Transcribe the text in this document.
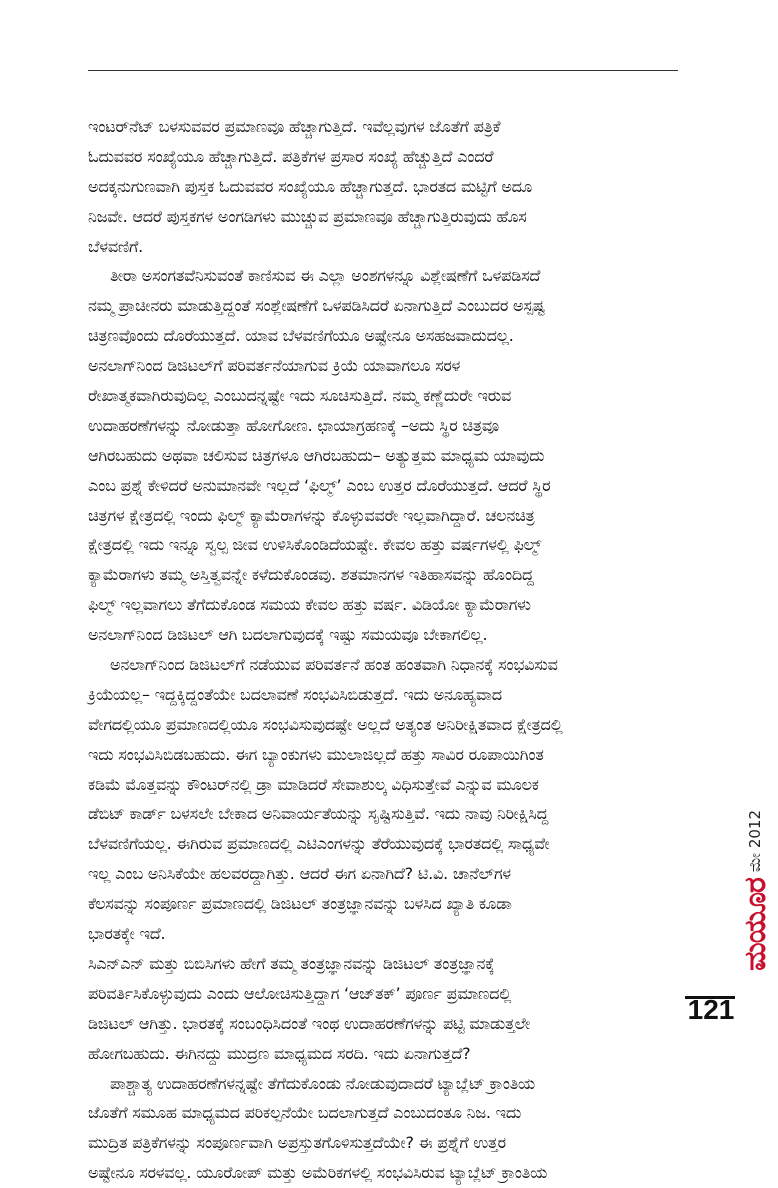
ಇಂಟರ್‌ನೆಟ್ ಬಳಸುವವರ ಪ್ರಮಾಣವೂ ಹೆಚ್ಚಾಗುತ್ತಿದೆ. ಇವೆಲ್ಲವುಗಳ ಜೊತೆಗೆ ಪತ್ರಿಕೆ
ಓದುವವರ ಸಂಖ್ಯೆಯೂ ಹೆಚ್ಚಾಗುತ್ತಿದೆ. ಪತ್ರಿಕೆಗಳ ಪ್ರಸಾರ ಸಂಖ್ಯೆ ಹೆಚ್ಚುತ್ತಿದೆ ಎಂದರೆ
ಅದಕ್ಕನುಗುಣವಾಗಿ ಪುಸ್ತಕ ಓದುವವರ ಸಂಖ್ಯೆಯೂ ಹೆಚ್ಚಾಗುತ್ತದೆ. ಭಾರತದ ಮಟ್ಟಿಗೆ ಅದೂ
ನಿಜವೇ. ಆದರೆ ಪುಸ್ತಕಗಳ ಅಂಗಡಿಗಳು ಮುಚ್ಚುವ ಪ್ರಮಾಣವೂ ಹೆಚ್ಚಾಗುತ್ತಿರುವುದು ಹೊಸ
ಬೆಳವಣಿಗೆ.
ತೀರಾ ಅಸಂಗತವೆನಿಸುವಂತೆ ಕಾಣಿಸುವ ಈ ಎಲ್ಲಾ ಅಂಶಗಳನ್ನೂ ವಿಶ್ಲೇಷಣೆಗೆ ಒಳಪಡಿಸದೆ
ನಮ್ಮ ಪ್ರಾಚೀನರು ಮಾಡುತ್ತಿದ್ದಂತೆ ಸಂಶ್ಲೇಷಣೆಗೆ ಒಳಪಡಿಸಿದರೆ ಏನಾಗುತ್ತಿದೆ ಎಂಬುದರ ಅಸ್ಪಷ್ಟ
ಚಿತ್ರಣವೊಂದು ದೊರೆಯುತ್ತದೆ. ಯಾವ ಬೆಳವಣಿಗೆಯೂ ಅಷ್ಟೇನೂ ಅಸಹಜವಾದುದಲ್ಲ.
ಅನಲಾಗ್‌ನಿಂದ ಡಿಜಿಟಲ್‌ಗೆ ಪರಿವರ್ತನೆಯಾಗುವ ಕ್ರಿಯೆ ಯಾವಾಗಲೂ ಸರಳ
ರೇಖಾತ್ಮಕವಾಗಿರುವುದಿಲ್ಲ ಎಂಬುದನ್ನಷ್ಟೇ ಇದು ಸೂಚಿಸುತ್ತಿದೆ. ನಮ್ಮ ಕಣ್ಣೆದುರೇ ಇರುವ
ಉದಾಹರಣೆಗಳನ್ನು ನೋಡುತ್ತಾ ಹೋಗೋಣ. ಛಾಯಾಗ್ರಹಣಕ್ಕೆ –ಅದು ಸ್ಥಿರ ಚಿತ್ರವೂ
ಆಗಿರಬಹುದು ಅಥವಾ ಚಲಿಸುವ ಚಿತ್ರಗಳೂ ಆಗಿರಬಹುದು– ಅತ್ಯುತ್ತಮ ಮಾಧ್ಯಮ ಯಾವುದು
ಎಂಬ ಪ್ರಶ್ನೆ ಕೇಳಿದರೆ ಅನುಮಾನವೇ ಇಲ್ಲದೆ ‘ಫಿಲ್ಮ್’ ಎಂಬ ಉತ್ತರ ದೊರೆಯುತ್ತದೆ. ಆದರೆ ಸ್ಥಿರ
ಚಿತ್ರಗಳ ಕ್ಷೇತ್ರದಲ್ಲಿ ಇಂದು ಫಿಲ್ಮ್ ಕ್ಯಾಮೆರಾಗಳನ್ನು ಕೊಳ್ಳುವವರೇ ಇಲ್ಲವಾಗಿದ್ದಾರೆ. ಚಲನಚಿತ್ರ
ಕ್ಷೇತ್ರದಲ್ಲಿ ಇದು ಇನ್ನೂ ಸ್ವಲ್ಪ ಜೀವ ಉಳಿಸಿಕೊಂಡಿದೆಯಷ್ಟೇ. ಕೇವಲ ಹತ್ತು ವರ್ಷಗಳಲ್ಲಿ ಫಿಲ್ಮ್
ಕ್ಯಾಮೆರಾಗಳು ತಮ್ಮ ಅಸ್ತಿತ್ವವನ್ನೇ ಕಳೆದುಕೊಂಡವು. ಶತಮಾನಗಳ ಇತಿಹಾಸವನ್ನು ಹೊಂದಿದ್ದ
ಫಿಲ್ಮ್ ಇಲ್ಲವಾಗಲು ತೆಗೆದುಕೊಂಡ ಸಮಯ ಕೇವಲ ಹತ್ತು ವರ್ಷ. ವಿಡಿಯೋ ಕ್ಯಾಮೆರಾಗಳು
ಅನಲಾಗ್‌ನಿಂದ ಡಿಜಿಟಲ್ ಆಗಿ ಬದಲಾಗುವುದಕ್ಕೆ ಇಷ್ಟು ಸಮಯವೂ ಬೇಕಾಗಲಿಲ್ಲ.
ಅನಲಾಗ್‌ನಿಂದ ಡಿಜಿಟಲ್‌ಗೆ ನಡೆಯುವ ಪರಿವರ್ತನೆ ಹಂತ ಹಂತವಾಗಿ ನಿಧಾನಕ್ಕೆ ಸಂಭವಿಸುವ
ಕ್ರಿಯೆಯಲ್ಲ– ಇದ್ದಕ್ಕಿದ್ದಂತೆಯೇ ಬದಲಾವಣೆ ಸಂಭವಿಸಿಬಿಡುತ್ತದೆ. ಇದು ಅನೂಹ್ಯವಾದ
ವೇಗದಲ್ಲಿಯೂ ಪ್ರಮಾಣದಲ್ಲಿಯೂ ಸಂಭವಿಸುವುದಷ್ಟೇ ಅಲ್ಲದೆ ಅತ್ಯಂತ ಅನಿರೀಕ್ಷಿತವಾದ ಕ್ಷೇತ್ರದಲ್ಲಿ
ಇದು ಸಂಭವಿಸಿಬಿಡಬಹುದು. ಈಗ ಬ್ಯಾಂಕುಗಳು ಮುಲಾಜಿಲ್ಲದೆ ಹತ್ತು ಸಾವಿರ ರೂಪಾಯಿಗಿಂತ
ಕಡಿಮೆ ಮೊತ್ತವನ್ನು ಕೌಂಟರ್‌ನಲ್ಲಿ ಡ್ರಾ ಮಾಡಿದರೆ ಸೇವಾಶುಲ್ಕ ವಿಧಿಸುತ್ತೇವೆ ಎನ್ನುವ ಮೂಲಕ
ಡೆಬಿಟ್ ಕಾರ್ಡ್ ಬಳಸಲೇ ಬೇಕಾದ ಅನಿವಾರ್ಯತೆಯನ್ನು ಸೃಷ್ಟಿಸುತ್ತಿವೆ. ಇದು ನಾವು ನಿರೀಕ್ಷಿಸಿದ್ದ
ಬೆಳವಣಿಗೆಯಲ್ಲ. ಈಗಿರುವ ಪ್ರಮಾಣದಲ್ಲಿ ಎಟಿಎಂಗಳನ್ನು ತೆರೆಯುವುದಕ್ಕೆ ಭಾರತದಲ್ಲಿ ಸಾಧ್ಯವೇ
ಇಲ್ಲ ಎಂಬ ಅನಿಸಿಕೆಯೇ ಹಲವರದ್ದಾಗಿತ್ತು. ಆದರೆ ಈಗ ಏನಾಗಿದೆ? ಟಿ.ವಿ. ಚಾನೆಲ್‌ಗಳ
ಕೆಲಸವನ್ನು ಸಂಪೂರ್ಣ ಪ್ರಮಾಣದಲ್ಲಿ ಡಿಜಿಟಲ್ ತಂತ್ರಜ್ಞಾನವನ್ನು ಬಳಸಿದ ಖ್ಯಾತಿ ಕೂಡಾ
ಭಾರತಕ್ಕೇ ಇದೆ.
ಸಿಎನ್‌ಎನ್ ಮತ್ತು ಬಿಬಿಸಿಗಳು ಹೇಗೆ ತಮ್ಮ ತಂತ್ರಜ್ಞಾನವನ್ನು ಡಿಜಿಟಲ್ ತಂತ್ರಜ್ಞಾನಕ್ಕೆ
ಪರಿವರ್ತಿಸಿಕೊಳ್ಳುವುದು ಎಂದು ಆಲೋಚಿಸುತ್ತಿದ್ದಾಗ ‘ಆಜ್‌ತಕ್’ ಪೂರ್ಣ ಪ್ರಮಾಣದಲ್ಲಿ
ಡಿಜಿಟಲ್ ಆಗಿತ್ತು. ಭಾರತಕ್ಕೆ ಸಂಬಂಧಿಸಿದಂತೆ ಇಂಥ ಉದಾಹರಣೆಗಳನ್ನು ಪಟ್ಟಿ ಮಾಡುತ್ತಲೇ
ಹೋಗಬಹುದು. ಈಗಿನದ್ದು ಮುದ್ರಣ ಮಾಧ್ಯಮದ ಸರದಿ. ಇದು ಏನಾಗುತ್ತದೆ?
ಪಾಶ್ಚಾತ್ಯ ಉದಾಹರಣೆಗಳನ್ನಷ್ಟೇ ತೆಗೆದುಕೊಂಡು ನೋಡುವುದಾದರೆ ಟ್ಯಾಬ್ಲೆಟ್ ಕ್ರಾಂತಿಯ
ಜೊತೆಗೆ ಸಮೂಹ ಮಾಧ್ಯಮದ ಪರಿಕಲ್ಪನೆಯೇ ಬದಲಾಗುತ್ತದೆ ಎಂಬುದಂತೂ ನಿಜ. ಇದು
ಮುದ್ರಿತ ಪತ್ರಿಕೆಗಳನ್ನು ಸಂಪೂರ್ಣವಾಗಿ ಅಪ್ರಸ್ತುತಗೊಳಿಸುತ್ತದೆಯೇ? ಈ ಪ್ರಶ್ನೆಗೆ ಉತ್ತರ
ಅಷ್ಟೇನೂ ಸರಳವಲ್ಲ. ಯೂರೋಪ್ ಮತ್ತು ಅಮೆರಿಕಗಳಲ್ಲಿ ಸಂಭವಿಸಿರುವ ಟ್ಯಾಬ್ಲೆಟ್ ಕ್ರಾಂತಿಯ
ಮಯೂರ
ಮೇ 2012
121
